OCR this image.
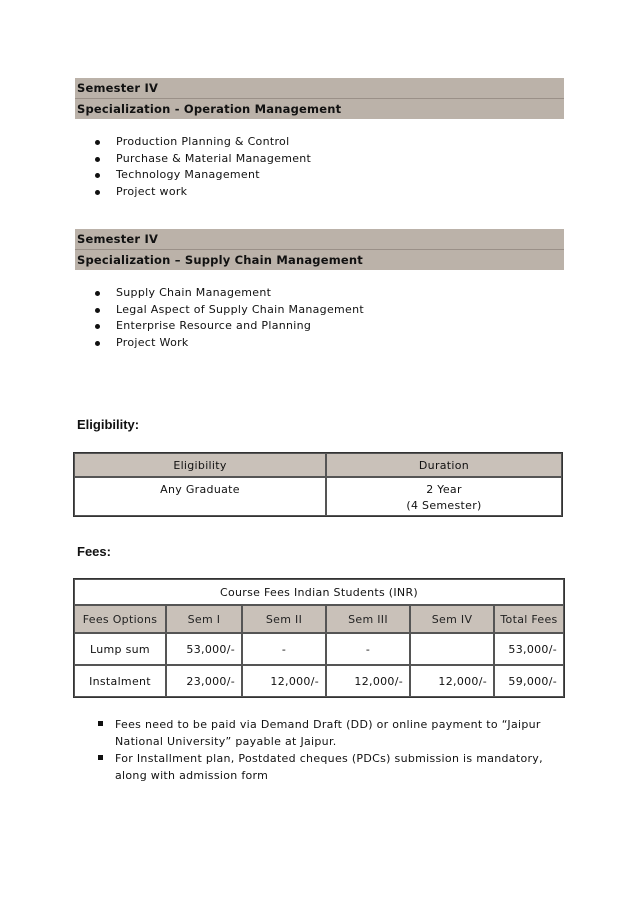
Semester IV
Specialization - Operation Management
Production Planning & Control
Purchase & Material Management
Technology Management
Project work
Semester IV
Specialization – Supply Chain Management
Supply Chain Management
Legal Aspect of Supply Chain Management
Enterprise Resource and Planning
Project Work
Eligibility:
Eligibility	Duration
Any Graduate	2 Year
(4 Semester)
Fees:
Course Fees Indian Students (INR)					
Fees Options	Sem I	Sem II	Sem III	Sem IV	Total Fees
Lump sum	53,000/-	-	-		53,000/-
Instalment	23,000/-	12,000/-	12,000/-	12,000/-	59,000/-
Fees need to be paid via Demand Draft (DD) or online payment to “Jaipur National University” payable at Jaipur.
For Installment plan, Postdated cheques (PDCs) submission is mandatory, along with admission form
